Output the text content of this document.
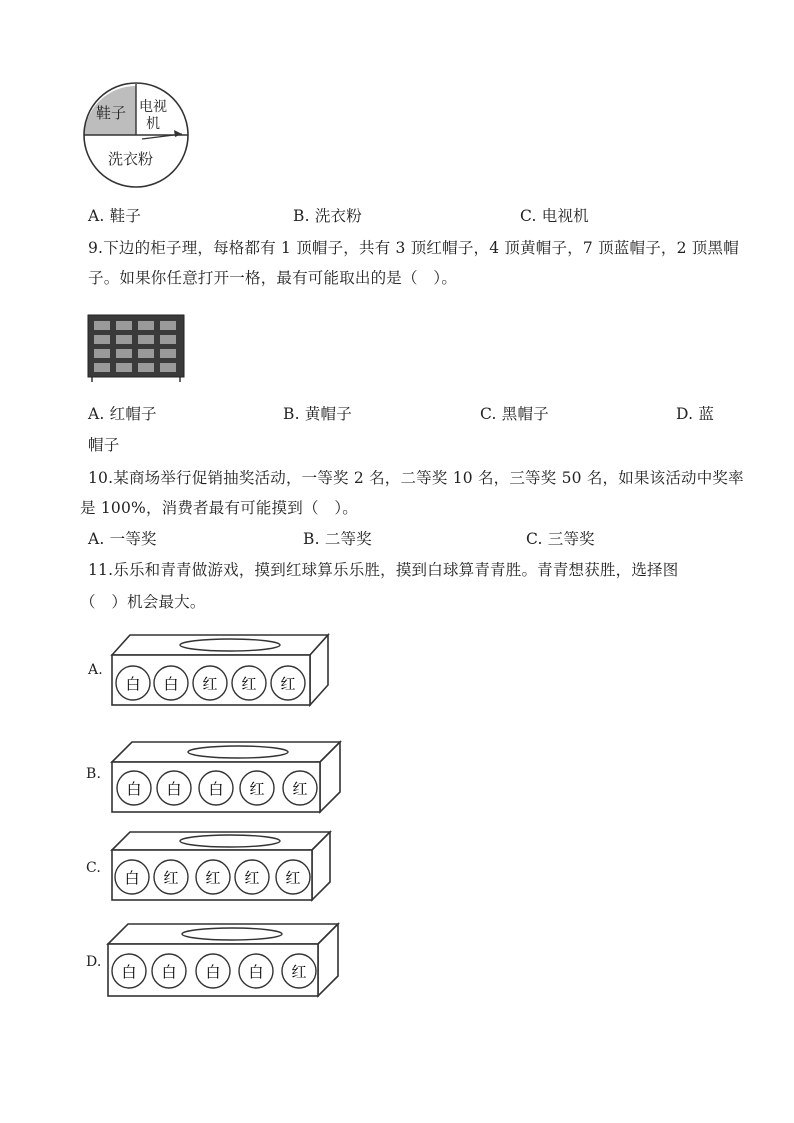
鞋子 电视
机
洗衣粉
A. 鞋子	B. 洗衣粉	C. 电视机
9.下边的柜子理，每格都有 1 顶帽子，共有 3 顶红帽子，4 顶黄帽子，7 顶蓝帽子，2 顶黑帽
子。如果你任意打开一格，最有可能取出的是（　）。
A. 红帽子	B. 黄帽子	C. 黑帽子	D. 蓝
帽子
10.某商场举行促销抽奖活动，一等奖 2 名，二等奖 10 名，三等奖 50 名，如果该活动中奖率
是 100%，消费者最有可能摸到（　）。
A. 一等奖	B. 二等奖	C. 三等奖
11.乐乐和青青做游戏，摸到红球算乐乐胜，摸到白球算青青胜。青青想获胜，选择图
（　）机会最大。
A.
白 白 红 红 红
B.
白 白 白 红 红
C.
白 红 红 红 红
D.
白 白 白 白 红
